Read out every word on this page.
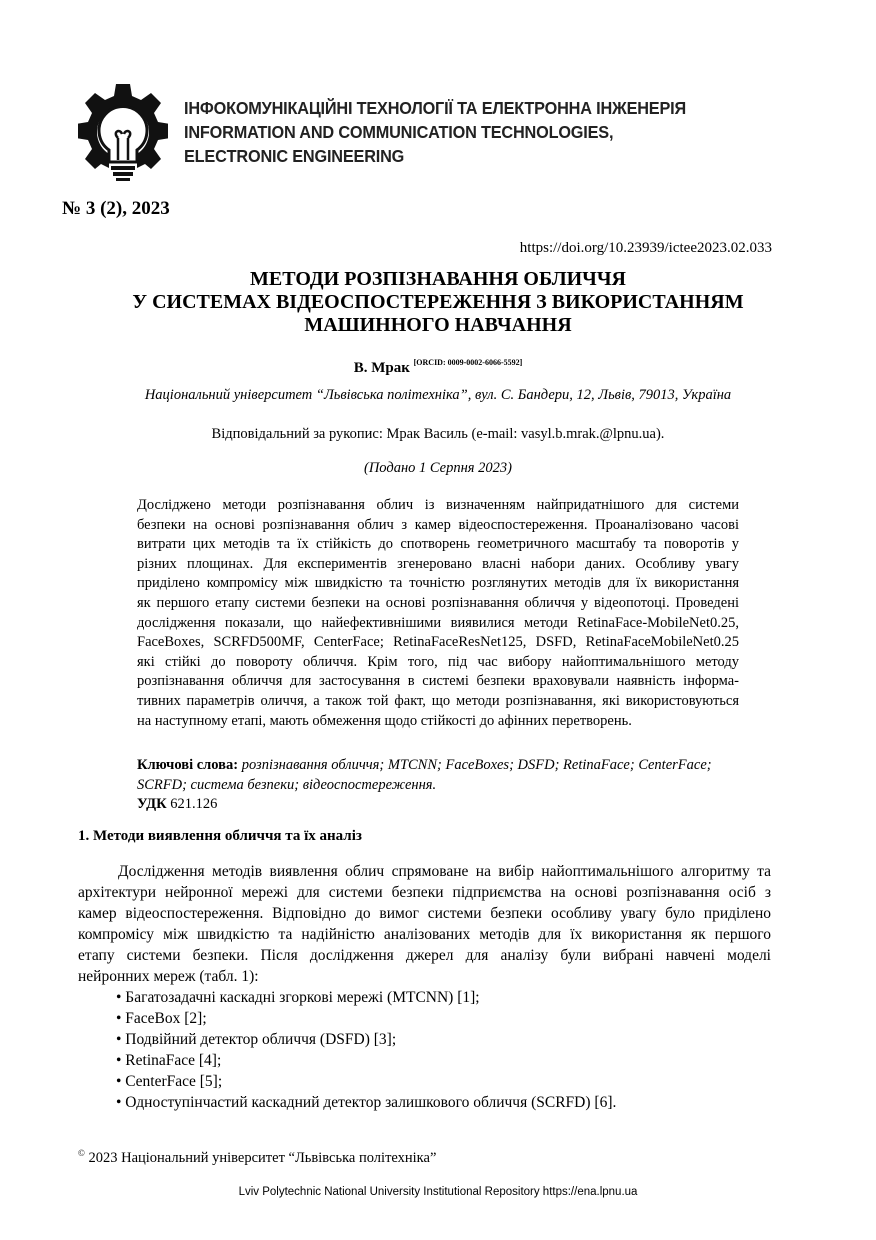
ІНФОКОМУНІКАЦІЙНІ ТЕХНОЛОГІЇ ТА ЕЛЕКТРОННА ІНЖЕНЕРІЯ
INFORMATION AND COMMUNICATION TECHNOLOGIES,
ELECTRONIC ENGINEERING
№ 3 (2), 2023
https://doi.org/10.23939/ictee2023.02.033
МЕТОДИ РОЗПІЗНАВАННЯ ОБЛИЧЧЯ
У СИСТЕМАХ ВІДЕОСПОСТЕРЕЖЕННЯ З ВИКОРИСТАННЯМ
МАШИННОГО НАВЧАННЯ
В. Мрак [ORCID: 0009-0002-6066-5592]
Національний університет “Львівська політехніка”, вул. С. Бандери, 12, Львів, 79013, Україна
Відповідальний за рукопис: Мрак Василь (e-mail: vasyl.b.mrak.@lpnu.ua).
(Подано 1 Серпня 2023)
Досліджено методи розпізнавання облич із визначенням найпридатнішого для системи
безпеки на основі розпізнавання облич з камер відеоспостереження. Проаналізовано часові
витрати цих методів та їх стійкість до спотворень геометричного масштабу та поворотів у
різних площинах. Для експериментів згенеровано власні набори даних. Особливу увагу
приділено компромісу між швидкістю та точністю розглянутих методів для їх використання
як першого етапу системи безпеки на основі розпізнавання обличчя у відеопотоці. Проведені
дослідження показали, що найефективнішими виявилися методи RetinaFace-MobileNet0.25,
FaceBoxes, SCRFD500MF, CenterFace; RetinaFaceResNet125, DSFD, RetinaFaceMobileNet0.25
які стійкі до повороту обличчя. Крім того, під час вибору найоптимальнішого методу
розпізнавання обличчя для застосування в системі безпеки враховували наявність інформа-
тивних параметрів оличчя, а також той факт, що методи розпізнавання, які використовуються
на наступному етапі, мають обмеження щодо стійкості до афінних перетворень.
Ключові слова: розпізнавання обличчя; MTCNN; FaceBoxes; DSFD; RetinaFace; CenterFace;
SCRFD; система безпеки; відеоспостереження.
УДК 621.126
1. Методи виявлення обличчя та їх аналіз
Дослідження методів виявлення облич спрямоване на вибір найоптимальнішого алгоритму та
архітектури нейронної мережі для системи безпеки підприємства на основі розпізнавання осіб з
камер відеоспостереження. Відповідно до вимог системи безпеки особливу увагу було приділено
компромісу між швидкістю та надійністю аналізованих методів для їх використання як першого
етапу системи безпеки. Після дослідження джерел для аналізу були вибрані навчені моделі
нейронних мереж (табл. 1):
• Багатозадачні каскадні згоркові мережі (MTCNN) [1];
• FaceBox [2];
• Подвійний детектор обличчя (DSFD) [3];
• RetinaFace [4];
• CenterFace [5];
• Одноступінчастий каскадний детектор залишкового обличчя (SCRFD) [6].
© 2023 Національний університет “Львівська політехніка”
Lviv Polytechnic National University Institutional Repository https://ena.lpnu.ua
